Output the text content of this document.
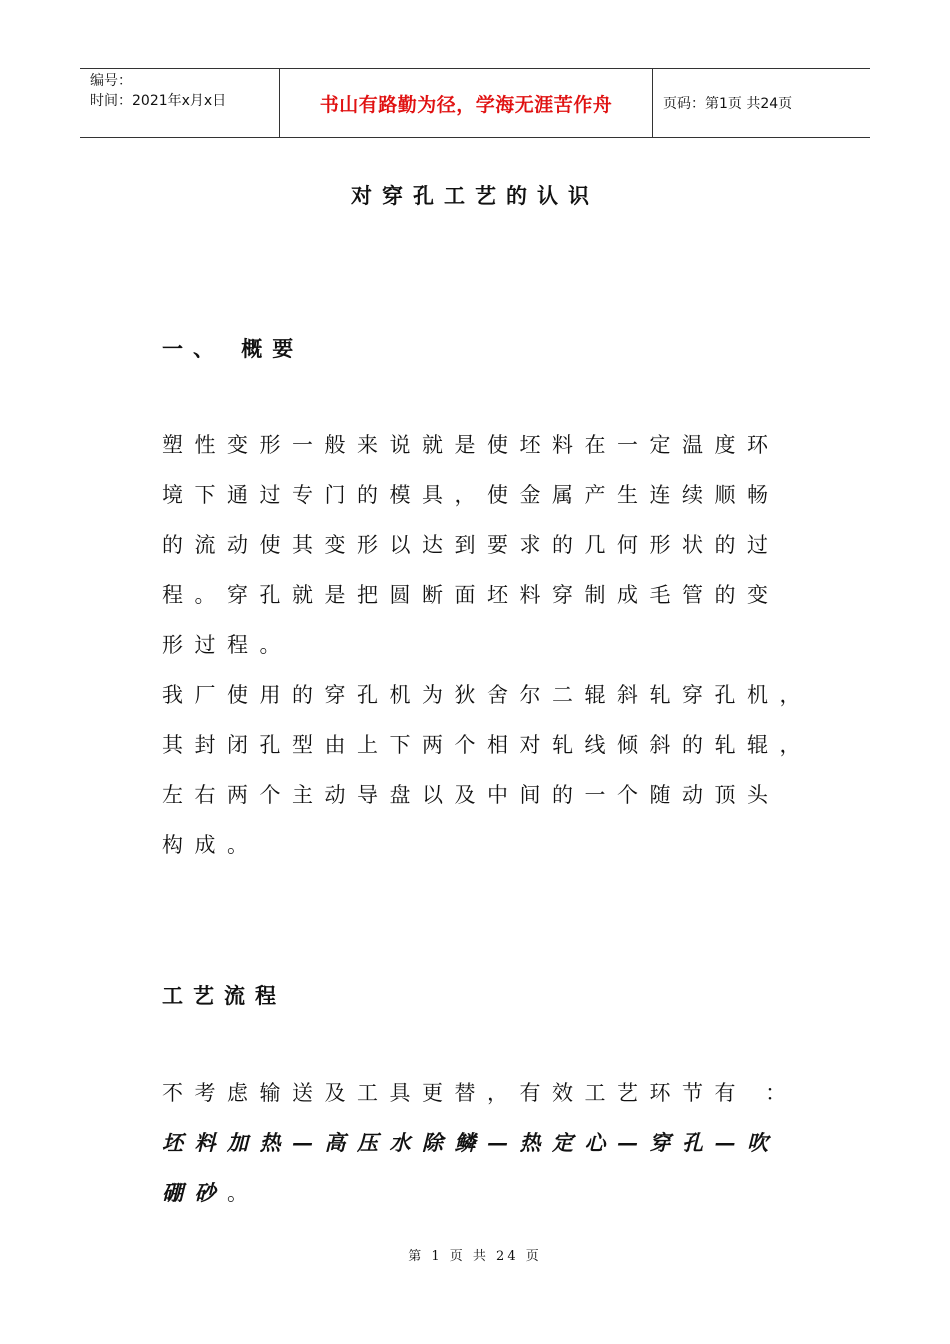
编号：
时间：2021年x月x日	书山有路勤为径，学海无涯苦作舟	页码：第1页 共24页
对穿孔工艺的认识
一、 概要
塑性变形一般来说就是使坯料在一定温度环
境下通过专门的模具，使金属产生连续顺畅
的流动使其变形以达到要求的几何形状的过
程。穿孔就是把圆断面坯料穿制成毛管的变
形过程。
我厂使用的穿孔机为狄舍尔二辊斜轧穿孔机，
其封闭孔型由上下两个相对轧线倾斜的轧辊，
左右两个主动导盘以及中间的一个随动顶头
构成。
工艺流程
不考虑输送及工具更替，有效工艺环节有 ：
坯料加热—高压水除鳞—热定心—穿孔—吹
硼砂。
第 1 页 共 24 页
